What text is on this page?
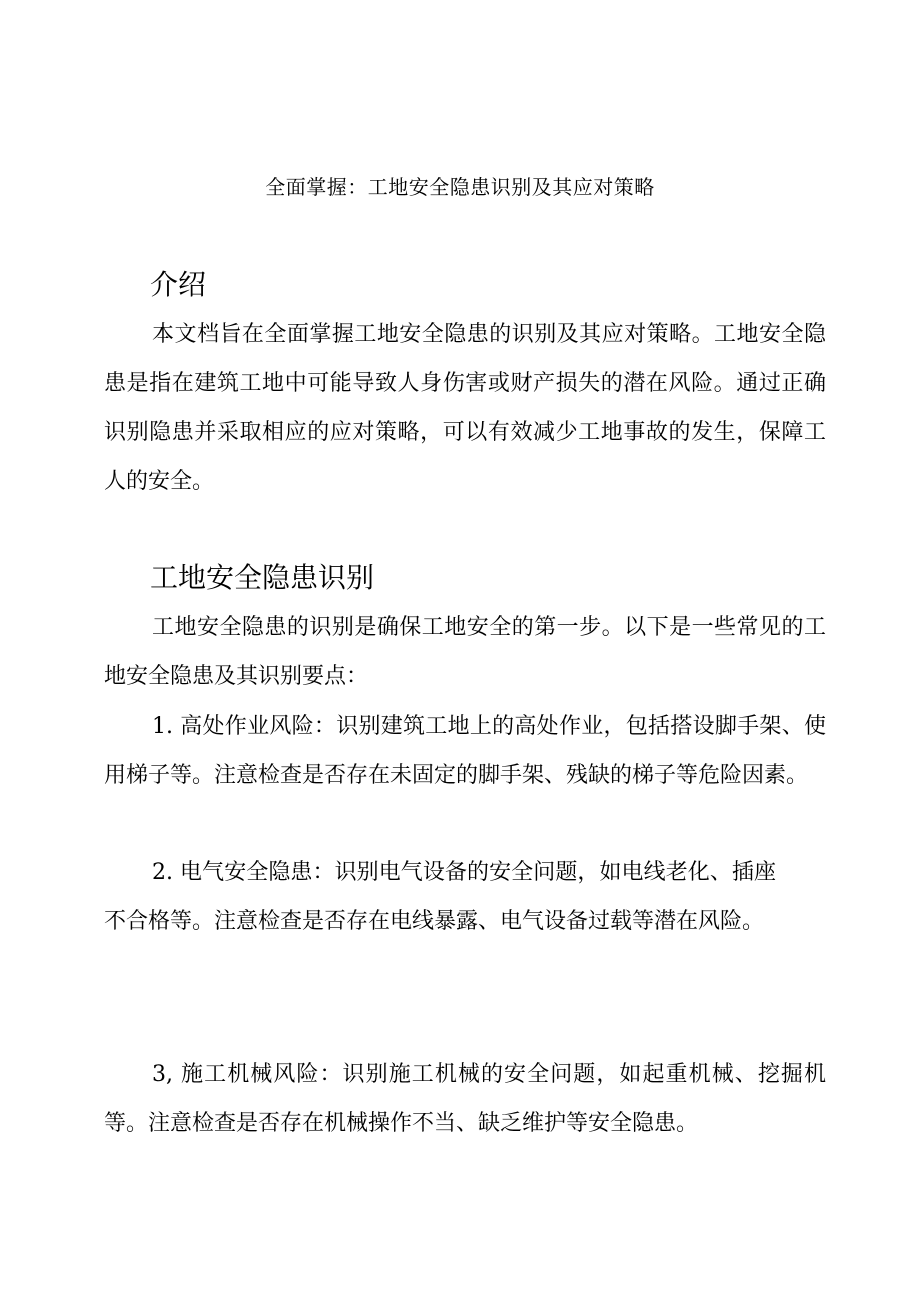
全面掌握：工地安全隐患识别及其应对策略
介绍

本文档旨在全面掌握工地安全隐患的识别及其应对策略。工地安全隐患是指在建筑工地中可能导致人身伤害或财产损失的潜在风险。通过正确识别隐患并采取相应的应对策略，可以有效减少工地事故的发生，保障工人的安全。

工地安全隐患识别

工地安全隐患的识别是确保工地安全的第一步。以下是一些常见的工地安全隐患及其识别要点：

1. 高处作业风险：识别建筑工地上的高处作业，包括搭设脚手架、使用梯子等。注意检查是否存在未固定的脚手架、残缺的梯子等危险因素。

2. 电气安全隐患：识别电气设备的安全问题，如电线老化、插座不合格等。注意检查是否存在电线暴露、电气设备过载等潜在风险。

3, 施工机械风险：识别施工机械的安全问题，如起重机械、挖掘机等。注意检查是否存在机械操作不当、缺乏维护等安全隐患。
